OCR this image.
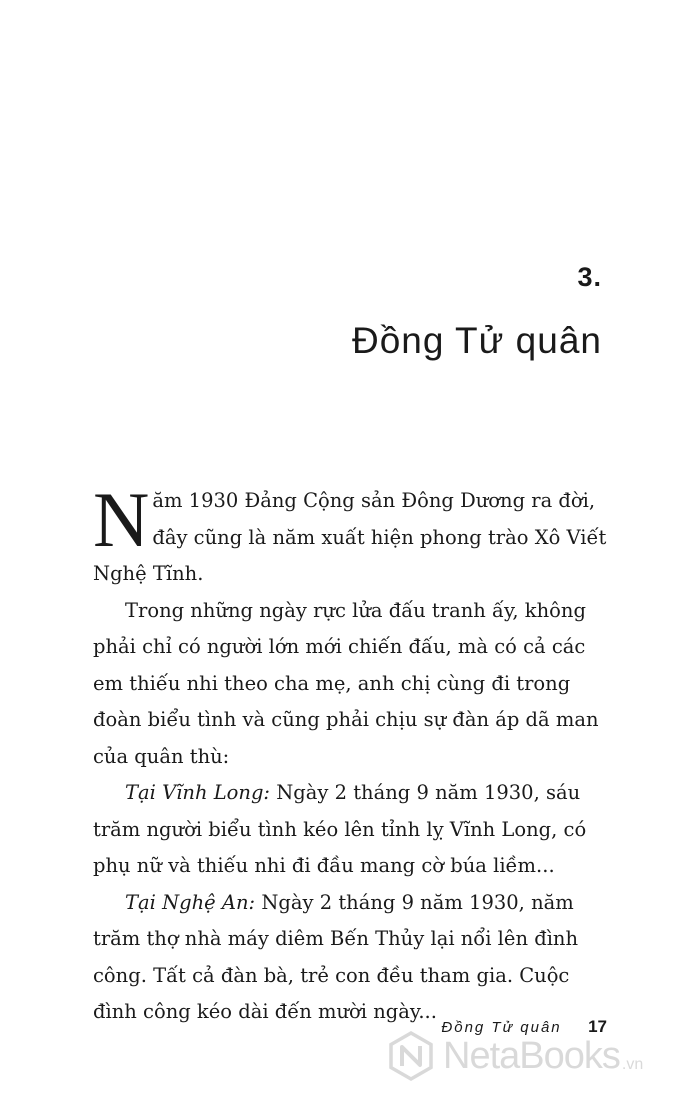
3.
Đồng Tử quân

Năm 1930 Đảng Cộng sản Đông Dương ra đời, đây cũng là năm xuất hiện phong trào Xô Viết Nghệ Tĩnh.

Trong những ngày rực lửa đấu tranh ấy, không phải chỉ có người lớn mới chiến đấu, mà có cả các em thiếu nhi theo cha mẹ, anh chị cùng đi trong đoàn biểu tình và cũng phải chịu sự đàn áp dã man của quân thù:

Tại Vĩnh Long: Ngày 2 tháng 9 năm 1930, sáu trăm người biểu tình kéo lên tỉnh lỵ Vĩnh Long, có phụ nữ và thiếu nhi đi đầu mang cờ búa liềm...

Tại Nghệ An: Ngày 2 tháng 9 năm 1930, năm trăm thợ nhà máy diêm Bến Thủy lại nổi lên đình công. Tất cả đàn bà, trẻ con đều tham gia. Cuộc đình công kéo dài đến mười ngày...

Đồng Tử quân 17
NetaBooks .vn
